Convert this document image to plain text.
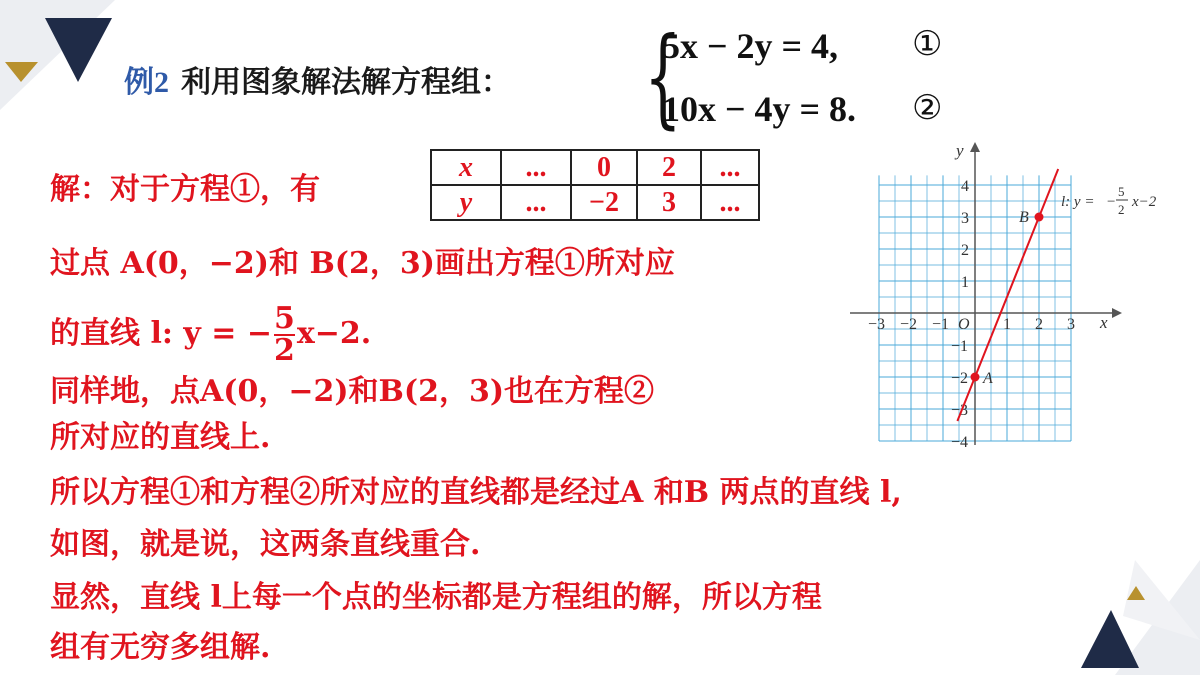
例2 利用图象解法解方程组： {
5x − 2y = 4, ①
10x − 4y = 8. ②
解：对于方程①，有
x	...	0	2	...
y	...	−2	3	...
过点 A(0，−2)和 B(2，3)画出方程①所对应
的直线 l: y = − $\frac{5}{2} x-2$.
同样地，点A(0，−2)和B(2，3)也在方程②
所对应的直线上.
所以方程①和方程②所对应的直线都是经过A 和B 两点的直线 l,
如图，就是说，这两条直线重合.
显然，直线 l上每一个点的坐标都是方程组的解，所以方程
组有无穷多组解.
x
y
O
−3 −2 −1	1 2 3
4
3
2
1
−1
−2
−3
−4
A
B
l: y = −
5
2 x−2
